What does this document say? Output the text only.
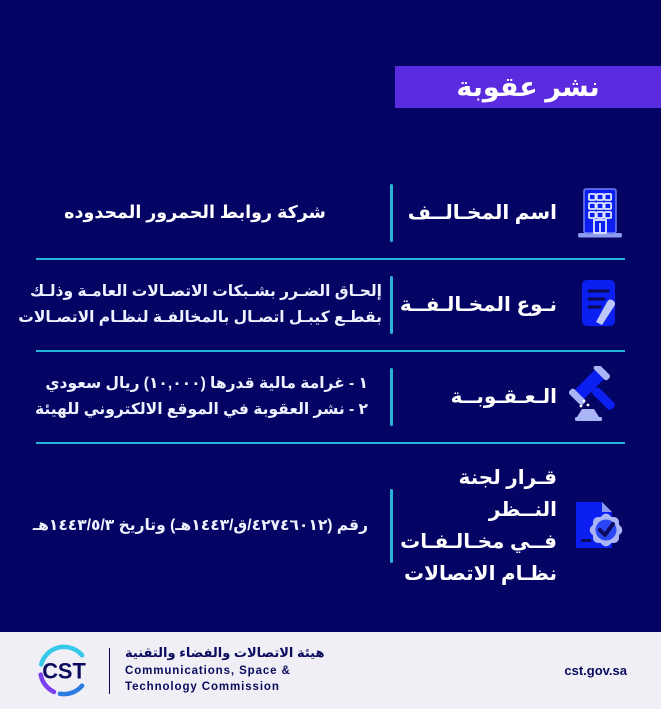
نشر عقوبة
شركة روابط الحمرور المحدوده	اسم المخـالــف
إلحـاق الضـرر بشـبكات الاتصـالات العامـة وذلـك
بقطـع كيبـل اتصـال بالمخالفـة لنظـام الاتصـالات
نـوع المخـالـفــة
١ - غرامة مالية قدرها (١٠,٠٠٠) ريال سعودي
٢ - نشر العقوبة في الموقع الالكتروني للهيئة
الـعـقـوبــة
رقم (٤٢٧٤٦٠١٢/ق/١٤٤٣هـ) وتاريخ ١٤٤٣/٥/٣هـ
قـرار لجنة النــظر
فــي مخـالـفـات
نظـام الاتصالات
CST
هيئة الاتصالات والفضاء والتقنية
Communications, Space &
Technology Commission
cst.gov.sa
